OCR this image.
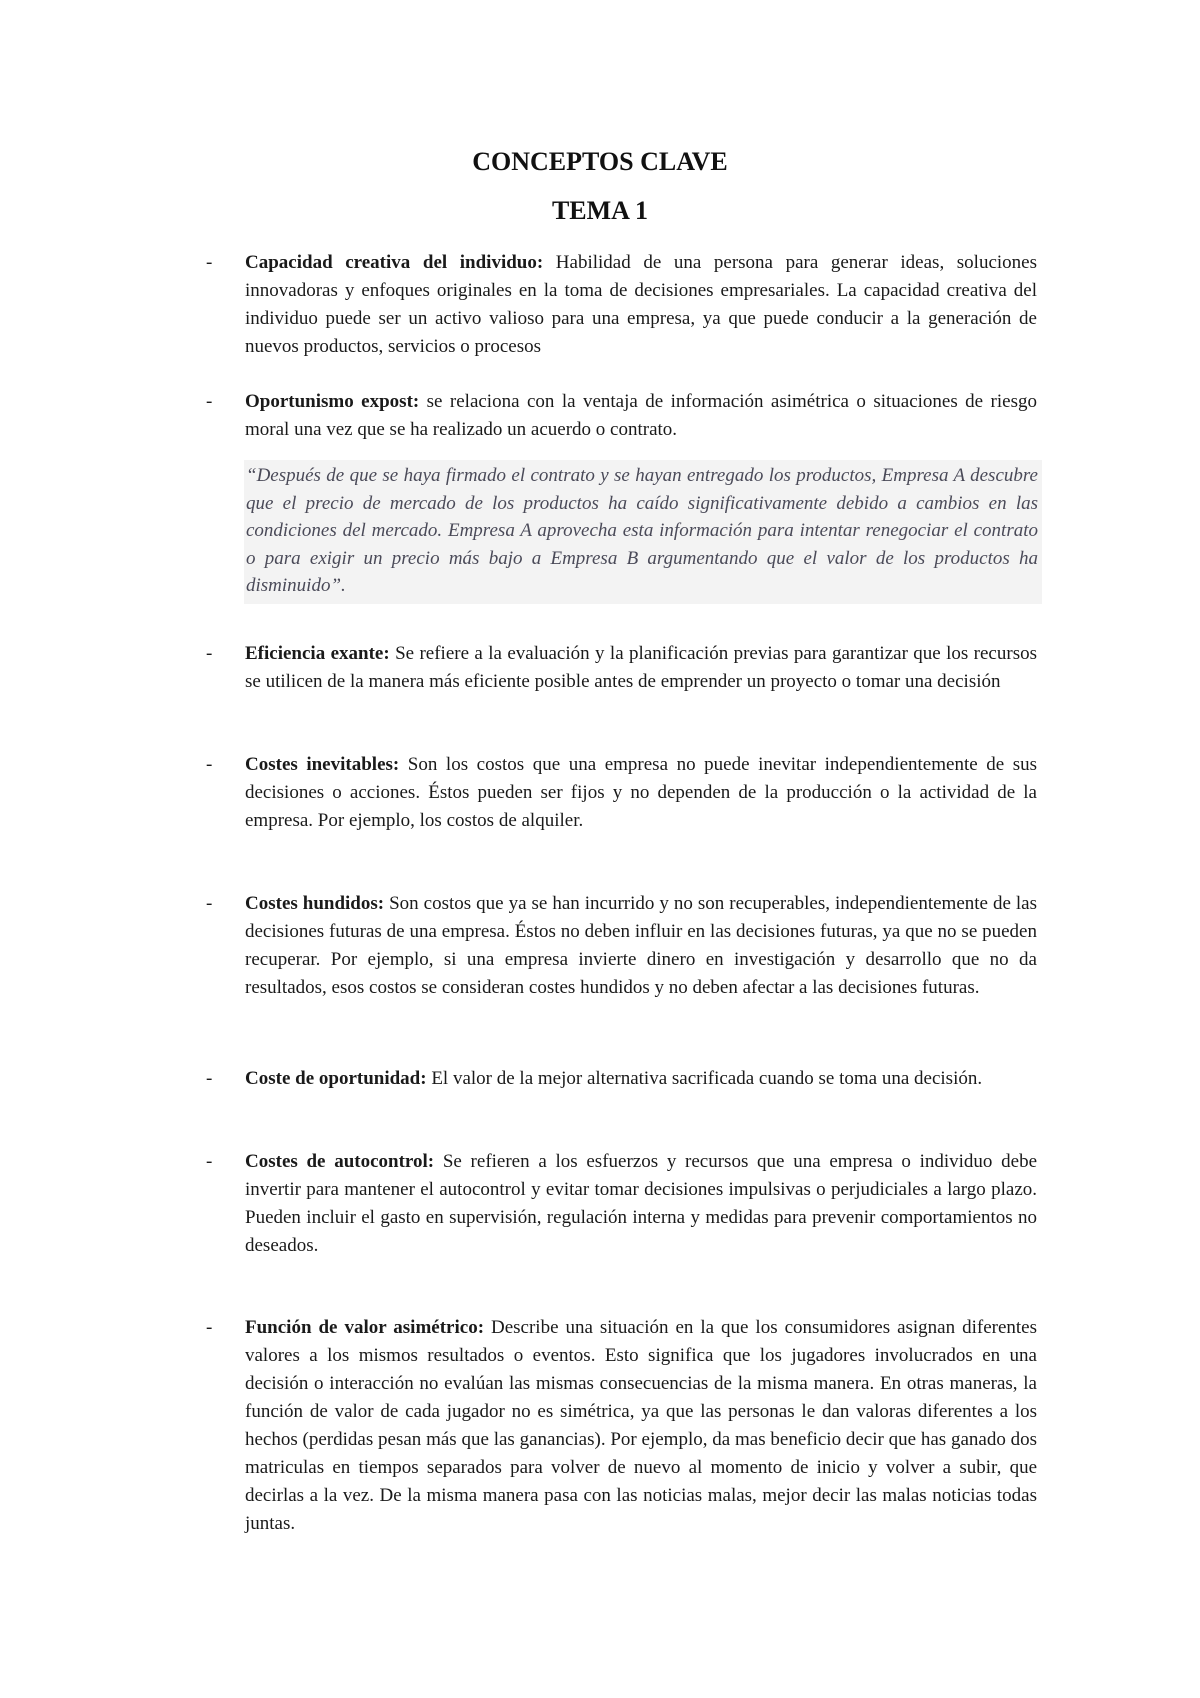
CONCEPTOS CLAVE
TEMA 1
- Capacidad creativa del individuo: Habilidad de una persona para generar ideas, soluciones innovadoras y enfoques originales en la toma de decisiones empresariales. La capacidad creativa del individuo puede ser un activo valioso para una empresa, ya que puede conducir a la generación de nuevos productos, servicios o procesos
- Oportunismo expost: se relaciona con la ventaja de información asimétrica o situaciones de riesgo moral una vez que se ha realizado un acuerdo o contrato.
“Después de que se haya firmado el contrato y se hayan entregado los productos, Empresa A descubre que el precio de mercado de los productos ha caído significativamente debido a cambios en las condiciones del mercado. Empresa A aprovecha esta información para intentar renegociar el contrato o para exigir un precio más bajo a Empresa B argumentando que el valor de los productos ha disminuido”.
- Eficiencia exante: Se refiere a la evaluación y la planificación previas para garantizar que los recursos se utilicen de la manera más eficiente posible antes de emprender un proyecto o tomar una decisión
- Costes inevitables: Son los costos que una empresa no puede inevitar independientemente de sus decisiones o acciones. Éstos pueden ser fijos y no dependen de la producción o la actividad de la empresa. Por ejemplo, los costos de alquiler.
- Costes hundidos: Son costos que ya se han incurrido y no son recuperables, independientemente de las decisiones futuras de una empresa. Éstos no deben influir en las decisiones futuras, ya que no se pueden recuperar. Por ejemplo, si una empresa invierte dinero en investigación y desarrollo que no da resultados, esos costos se consideran costes hundidos y no deben afectar a las decisiones futuras.
- Coste de oportunidad: El valor de la mejor alternativa sacrificada cuando se toma una decisión.
- Costes de autocontrol: Se refieren a los esfuerzos y recursos que una empresa o individuo debe invertir para mantener el autocontrol y evitar tomar decisiones impulsivas o perjudiciales a largo plazo. Pueden incluir el gasto en supervisión, regulación interna y medidas para prevenir comportamientos no deseados.
- Función de valor asimétrico: Describe una situación en la que los consumidores asignan diferentes valores a los mismos resultados o eventos. Esto significa que los jugadores involucrados en una decisión o interacción no evalúan las mismas consecuencias de la misma manera. En otras maneras, la función de valor de cada jugador no es simétrica, ya que las personas le dan valoras diferentes a los hechos (perdidas pesan más que las ganancias). Por ejemplo, da mas beneficio decir que has ganado dos matriculas en tiempos separados para volver de nuevo al momento de inicio y volver a subir, que decirlas a la vez. De la misma manera pasa con las noticias malas, mejor decir las malas noticias todas juntas.
